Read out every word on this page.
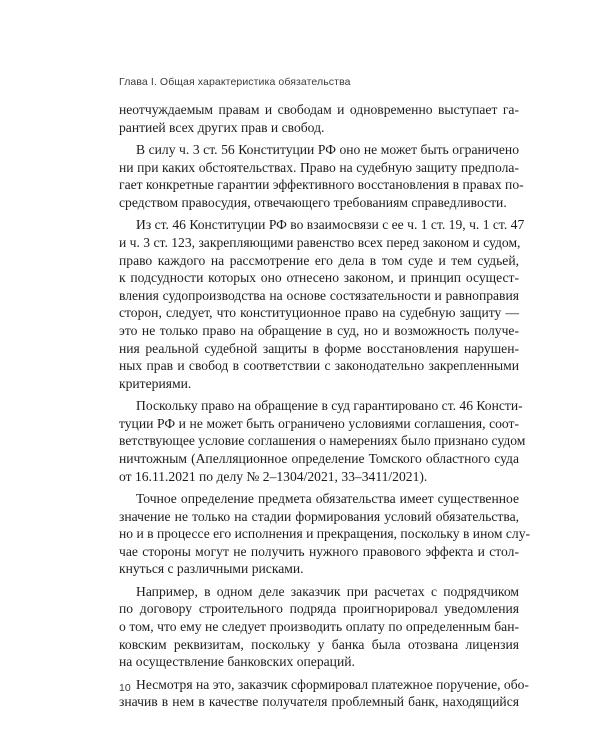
Глава I. Общая характеристика обязательства
неотчуждаемым правам и свободам и одновременно выступает га-
рантией всех других прав и свобод.
В силу ч. 3 ст. 56 Конституции РФ оно не может быть ограничено
ни при каких обстоятельствах. Право на судебную защиту предпола-
гает конкретные гарантии эффективного восстановления в правах по-
средством правосудия, отвечающего требованиям справедливости.
Из ст. 46 Конституции РФ во взаимосвязи с ее ч. 1 ст. 19, ч. 1 ст. 47
и ч. 3 ст. 123, закрепляющими равенство всех перед законом и судом,
право каждого на рассмотрение его дела в том суде и тем судьей,
к подсудности которых оно отнесено законом, и принцип осущест-
вления судопроизводства на основе состязательности и равноправия
сторон, следует, что конституционное право на судебную защиту —
это не только право на обращение в суд, но и возможность получе-
ния реальной судебной защиты в форме восстановления нарушен-
ных прав и свобод в соответствии с законодательно закрепленными
критериями.
Поскольку право на обращение в суд гарантировано ст. 46 Консти-
туции РФ и не может быть ограничено условиями соглашения, соот-
ветствующее условие соглашения о намерениях было признано судом
ничтожным (Апелляционное определение Томского областного суда
от 16.11.2021 по делу № 2–1304/2021, 33–3411/2021).
Точное определение предмета обязательства имеет существенное
значение не только на стадии формирования условий обязательства,
но и в процессе его исполнения и прекращения, поскольку в ином слу-
чае стороны могут не получить нужного правового эффекта и стол-
кнуться с различными рисками.
Например, в одном деле заказчик при расчетах с подрядчиком
по договору строительного подряда проигнорировал уведомления
о том, что ему не следует производить оплату по определенным бан-
ковским реквизитам, поскольку у банка была отозвана лицензия
на осуществление банковских операций.
Несмотря на это, заказчик сформировал платежное поручение, обо-
значив в нем в качестве получателя проблемный банк, находящийся
10
